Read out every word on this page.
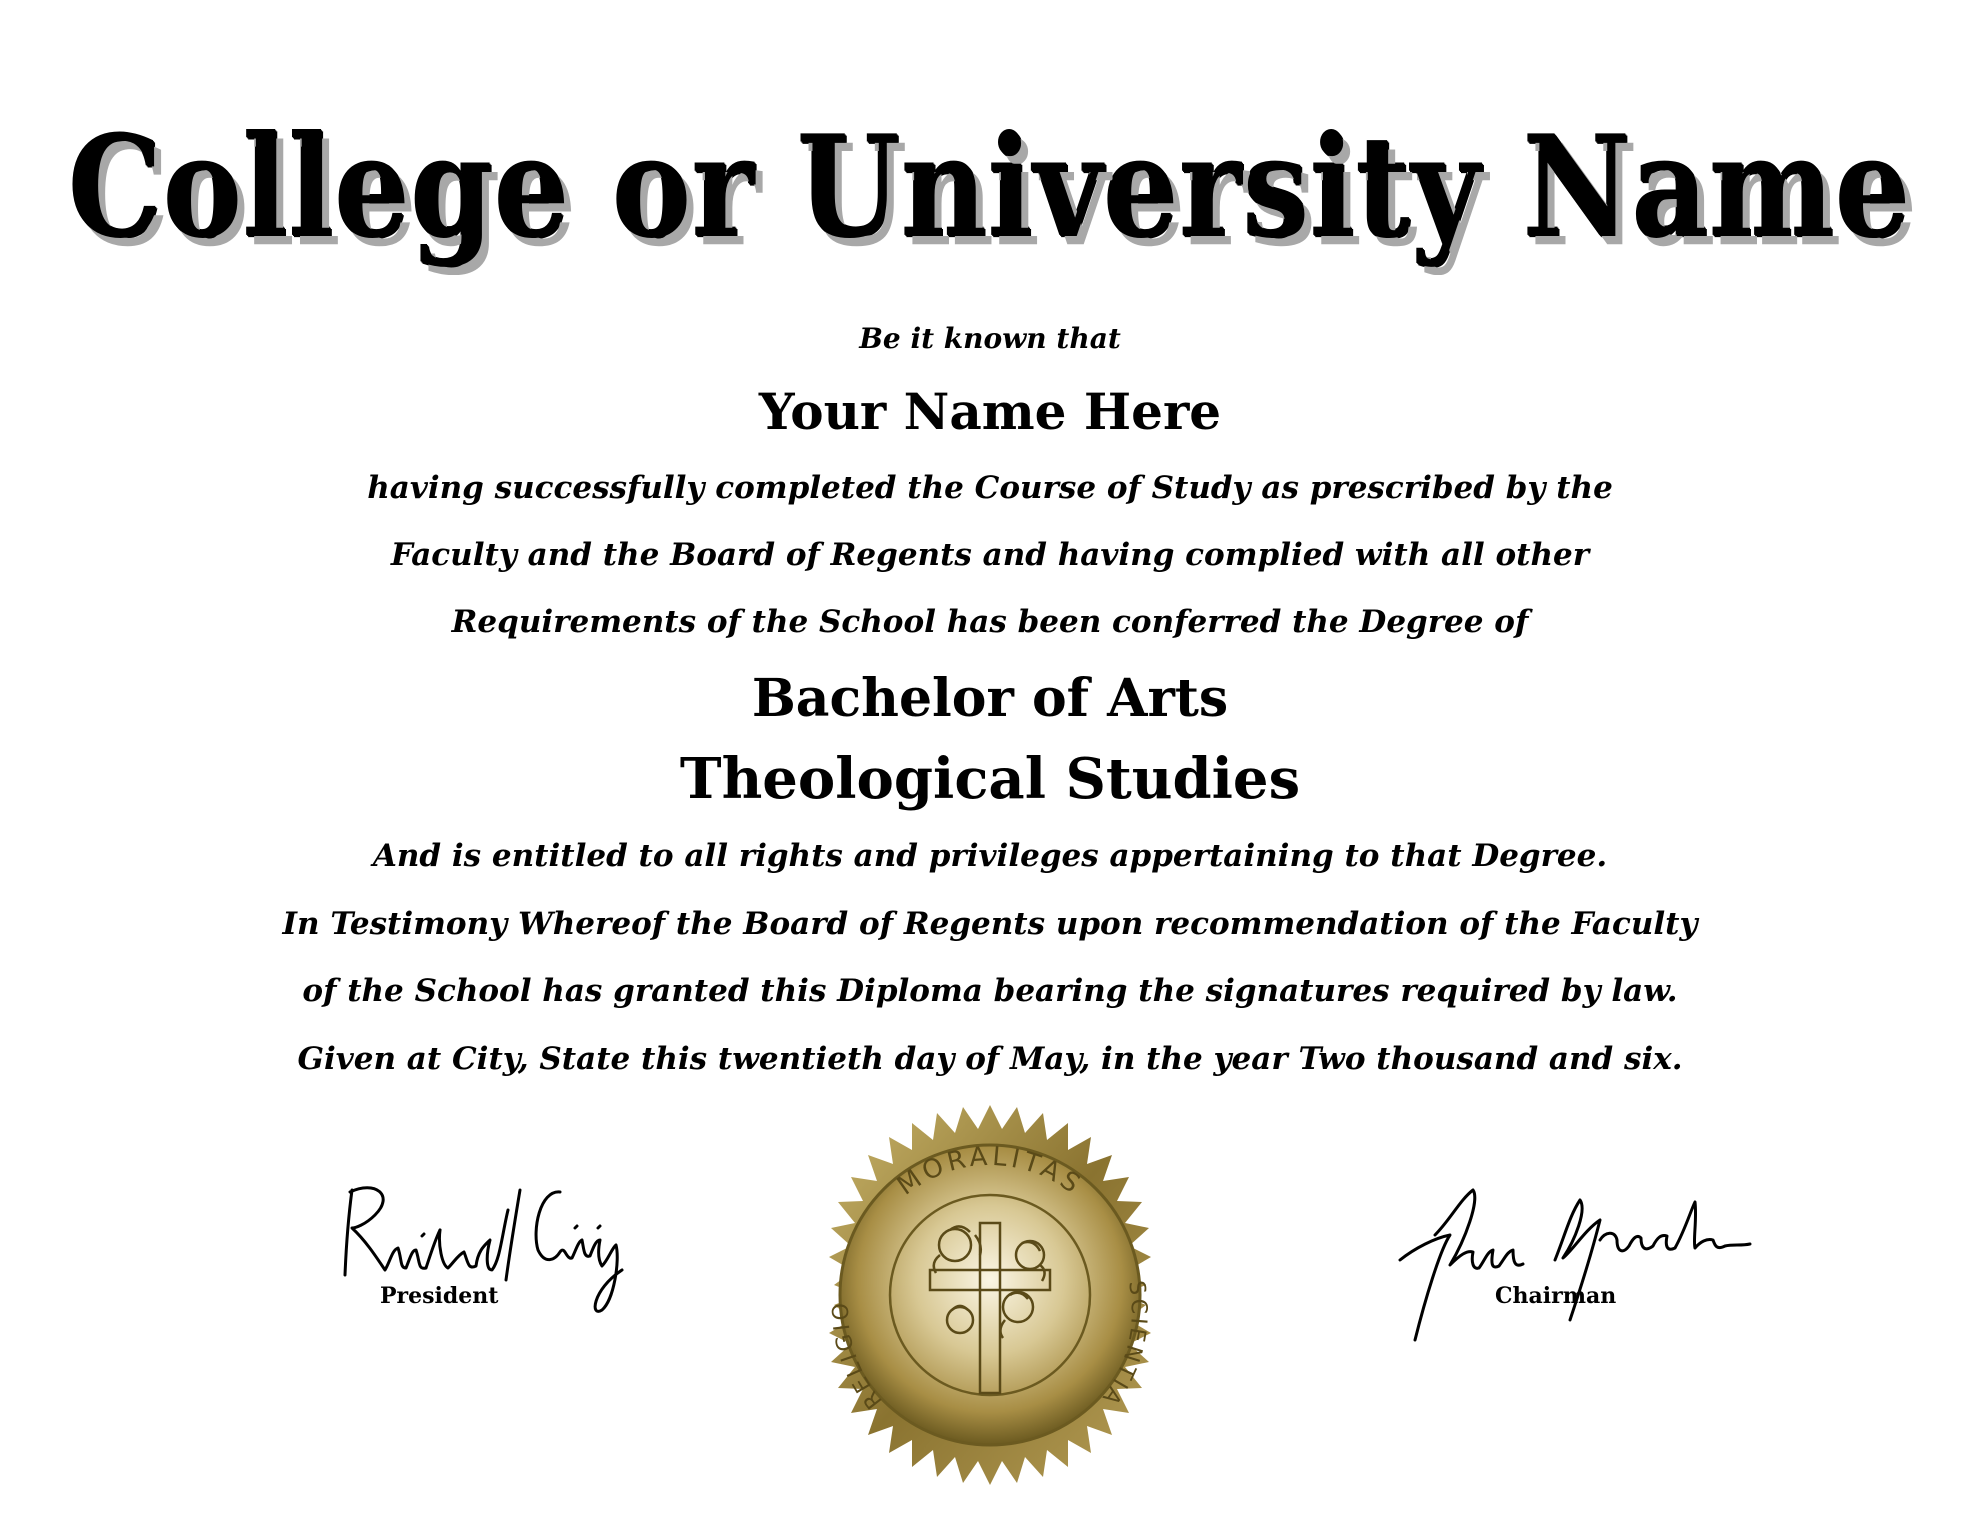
College or University Name
Be it known that
Your Name Here
having successfully completed the Course of Study as prescribed by the
Faculty and the Board of Regents and having complied with all other
Requirements of the School has been conferred the Degree of
Bachelor of Arts
Theological Studies
And is entitled to all rights and privileges appertaining to that Degree.
In Testimony Whereof the Board of Regents upon recommendation of the Faculty
of the School has granted this Diploma bearing the signatures required by law.
Given at City, State this twentieth day of May, in the year Two thousand and six.
President
MORALITAS
RELIGIO
SCIENTIA
Chairman
